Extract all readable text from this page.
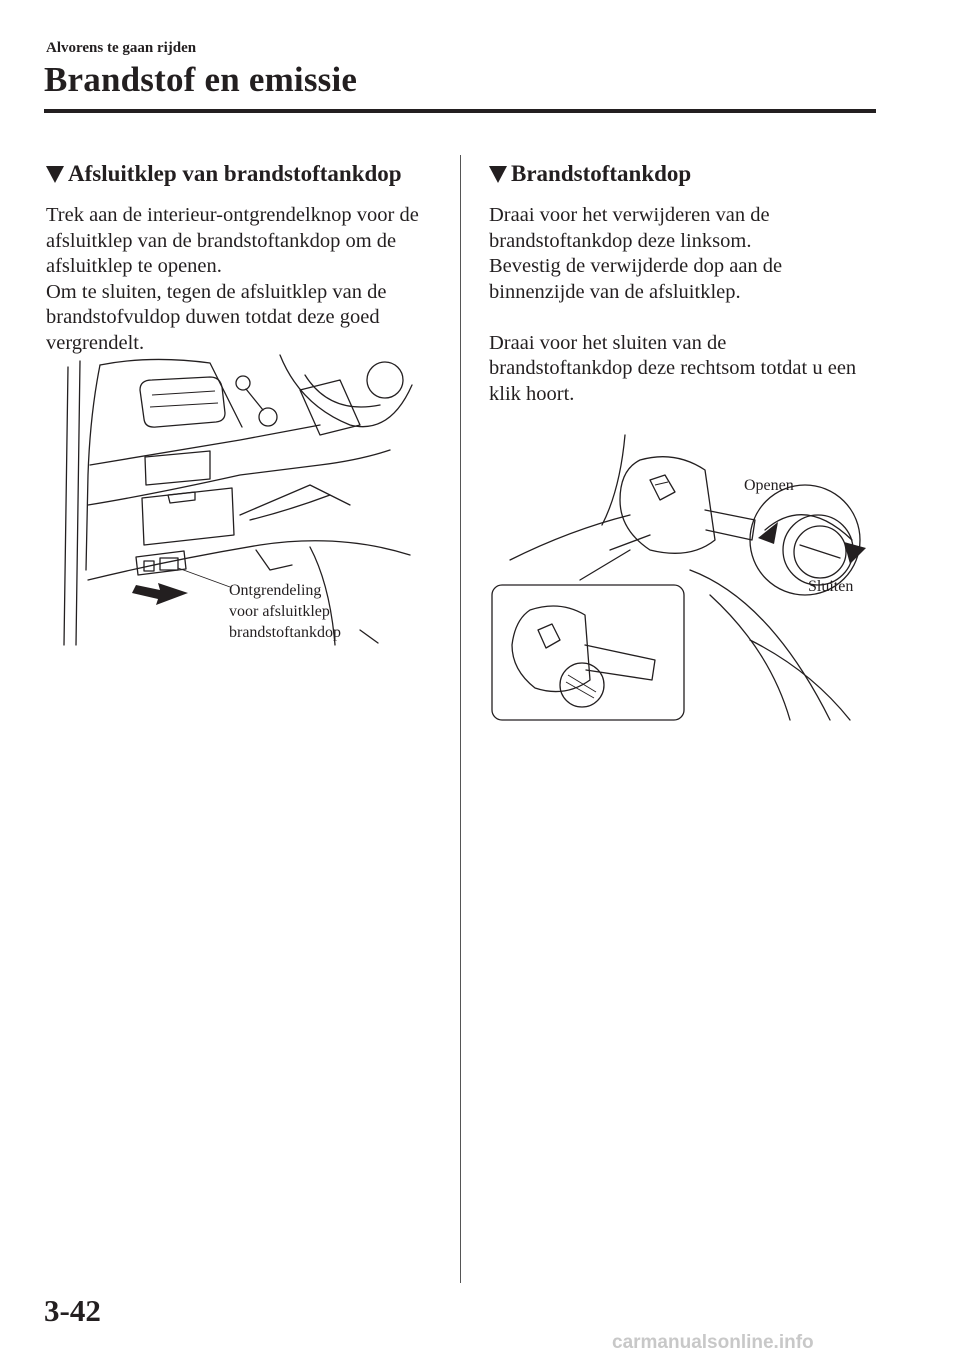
Alvorens te gaan rijden
Brandstof en emissie
Afsluitklep van brandstoftankdop

Trek aan de interieur-ontgrendelknop voor de afsluitklep van de brandstoftankdop om de afsluitklep te openen.

Om te sluiten, tegen de afsluitklep van de brandstofvuldop duwen totdat deze goed vergrendelt.

Ontgrendeling
voor afsluitklep
brandstoftankdop
Brandstoftankdop

Draai voor het verwijderen van de brandstoftankdop deze linksom.

Bevestig de verwijderde dop aan de binnenzijde van de afsluitklep.

Draai voor het sluiten van de brandstoftankdop deze rechtsom totdat u een klik hoort.

Openen
Sluiten
3-42
carmanualsonline.info
